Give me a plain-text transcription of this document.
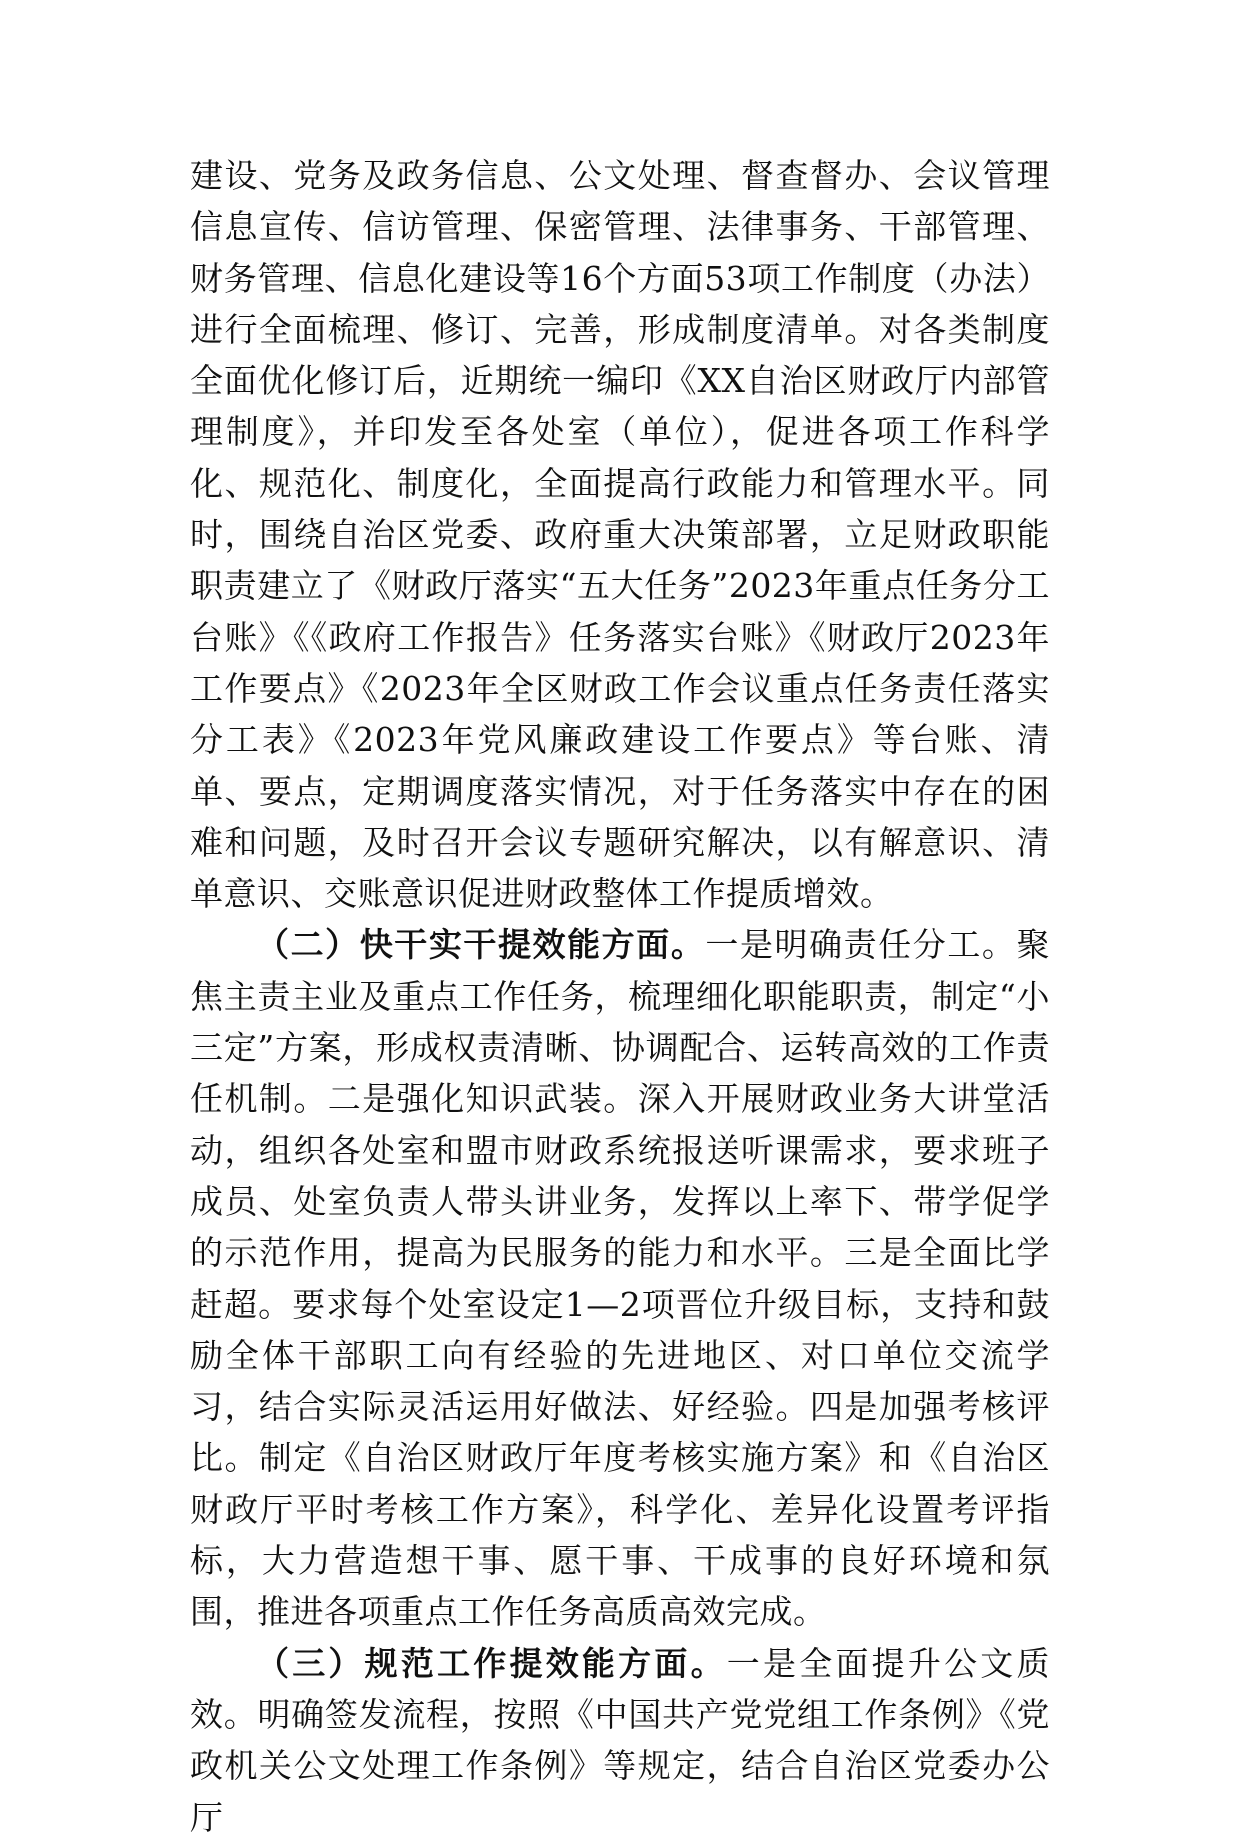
建设、党务及政务信息、公文处理、督查督办、会议管理信息宣传、信访管理、保密管理、法律事务、干部管理、财务管理、信息化建设等16个方面53项工作制度（办法）进行全面梳理、修订、完善，形成制度清单。对各类制度全面优化修订后，近期统一编印《XX自治区财政厅内部管理制度》，并印发至各处室（单位），促进各项工作科学化、规范化、制度化，全面提高行政能力和管理水平。同时，围绕自治区党委、政府重大决策部署，立足财政职能职责建立了《财政厅落实“五大任务”2023年重点任务分工台账》《《政府工作报告》任务落实台账》《财政厅2023年工作要点》《2023年全区财政工作会议重点任务责任落实分工表》《2023年党风廉政建设工作要点》等台账、清单、要点，定期调度落实情况，对于任务落实中存在的困难和问题，及时召开会议专题研究解决，以有解意识、清单意识、交账意识促进财政整体工作提质增效。

（二）快干实干提效能方面。一是明确责任分工。聚焦主责主业及重点工作任务，梳理细化职能职责，制定“小三定”方案，形成权责清晰、协调配合、运转高效的工作责任机制。二是强化知识武装。深入开展财政业务大讲堂活动，组织各处室和盟市财政系统报送听课需求，要求班子成员、处室负责人带头讲业务，发挥以上率下、带学促学的示范作用，提高为民服务的能力和水平。三是全面比学赶超。要求每个处室设定1—2项晋位升级目标，支持和鼓励全体干部职工向有经验的先进地区、对口单位交流学习，结合实际灵活运用好做法、好经验。四是加强考核评比。制定《自治区财政厅年度考核实施方案》和《自治区财政厅平时考核工作方案》，科学化、差异化设置考评指标，大力营造想干事、愿干事、干成事的良好环境和氛围，推进各项重点工作任务高质高效完成。

（三）规范工作提效能方面。一是全面提升公文质效。明确签发流程，按照《中国共产党党组工作条例》《党政机关公文处理工作条例》等规定，结合自治区党委办公厅
